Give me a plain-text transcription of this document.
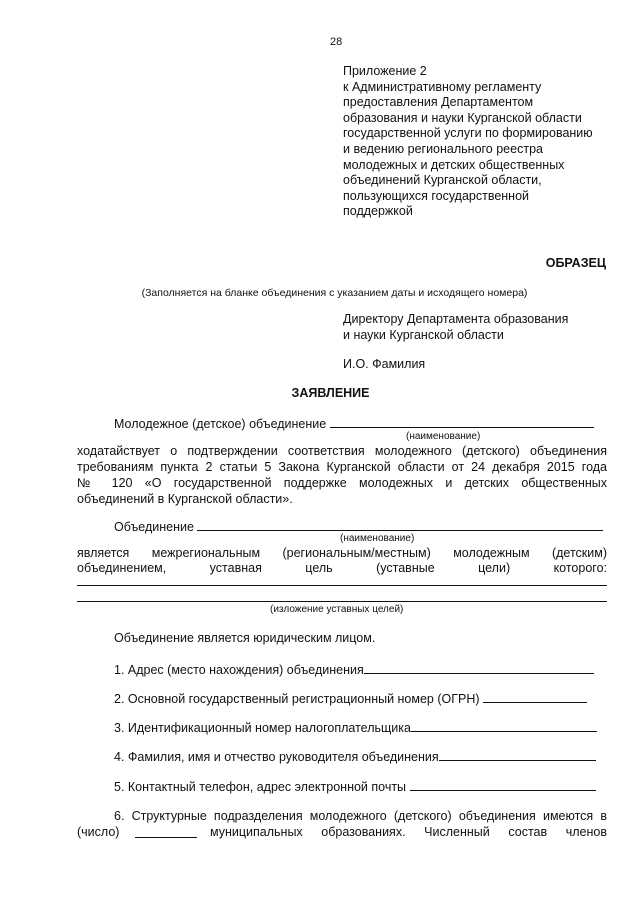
28
Приложение 2
к Административному регламенту
предоставления Департаментом
образования и науки Курганской области
государственной услуги по формированию
и ведению регионального реестра
молодежных и детских общественных
объединений Курганской области,
пользующихся государственной
поддержкой
ОБРАЗЕЦ
(Заполняется на бланке объединения с указанием даты и исходящего номера)
Директору Департамента образования
и науки Курганской области
И.О. Фамилия
ЗАЯВЛЕНИЕ
Молодежное (детское) объединение
(наименование)
ходатайствует о подтверждении соответствия молодежного (детского) объединения
требованиям пункта 2 статьи 5 Закона Курганской области от 24 декабря 2015 года
№ 120 «О государственной поддержке молодежных и детских общественных
объединений в Курганской области».
Объединение
(наименование)
является межрегиональным (региональным/местным) молодежным (детским)
объединением, уставная цель (уставные цели) которого:
(изложение уставных целей)
Объединение является юридическим лицом.
1. Адрес (место нахождения) объединения
2. Основной государственный регистрационный номер (ОГРН)
3. Идентификационный номер налогоплательщика
4. Фамилия, имя и отчество руководителя объединения
5. Контактный телефон, адрес электронной почты
6. Структурные подразделения молодежного (детского) объединения имеются в
(число)	муниципальных образованиях. Численный состав членов
